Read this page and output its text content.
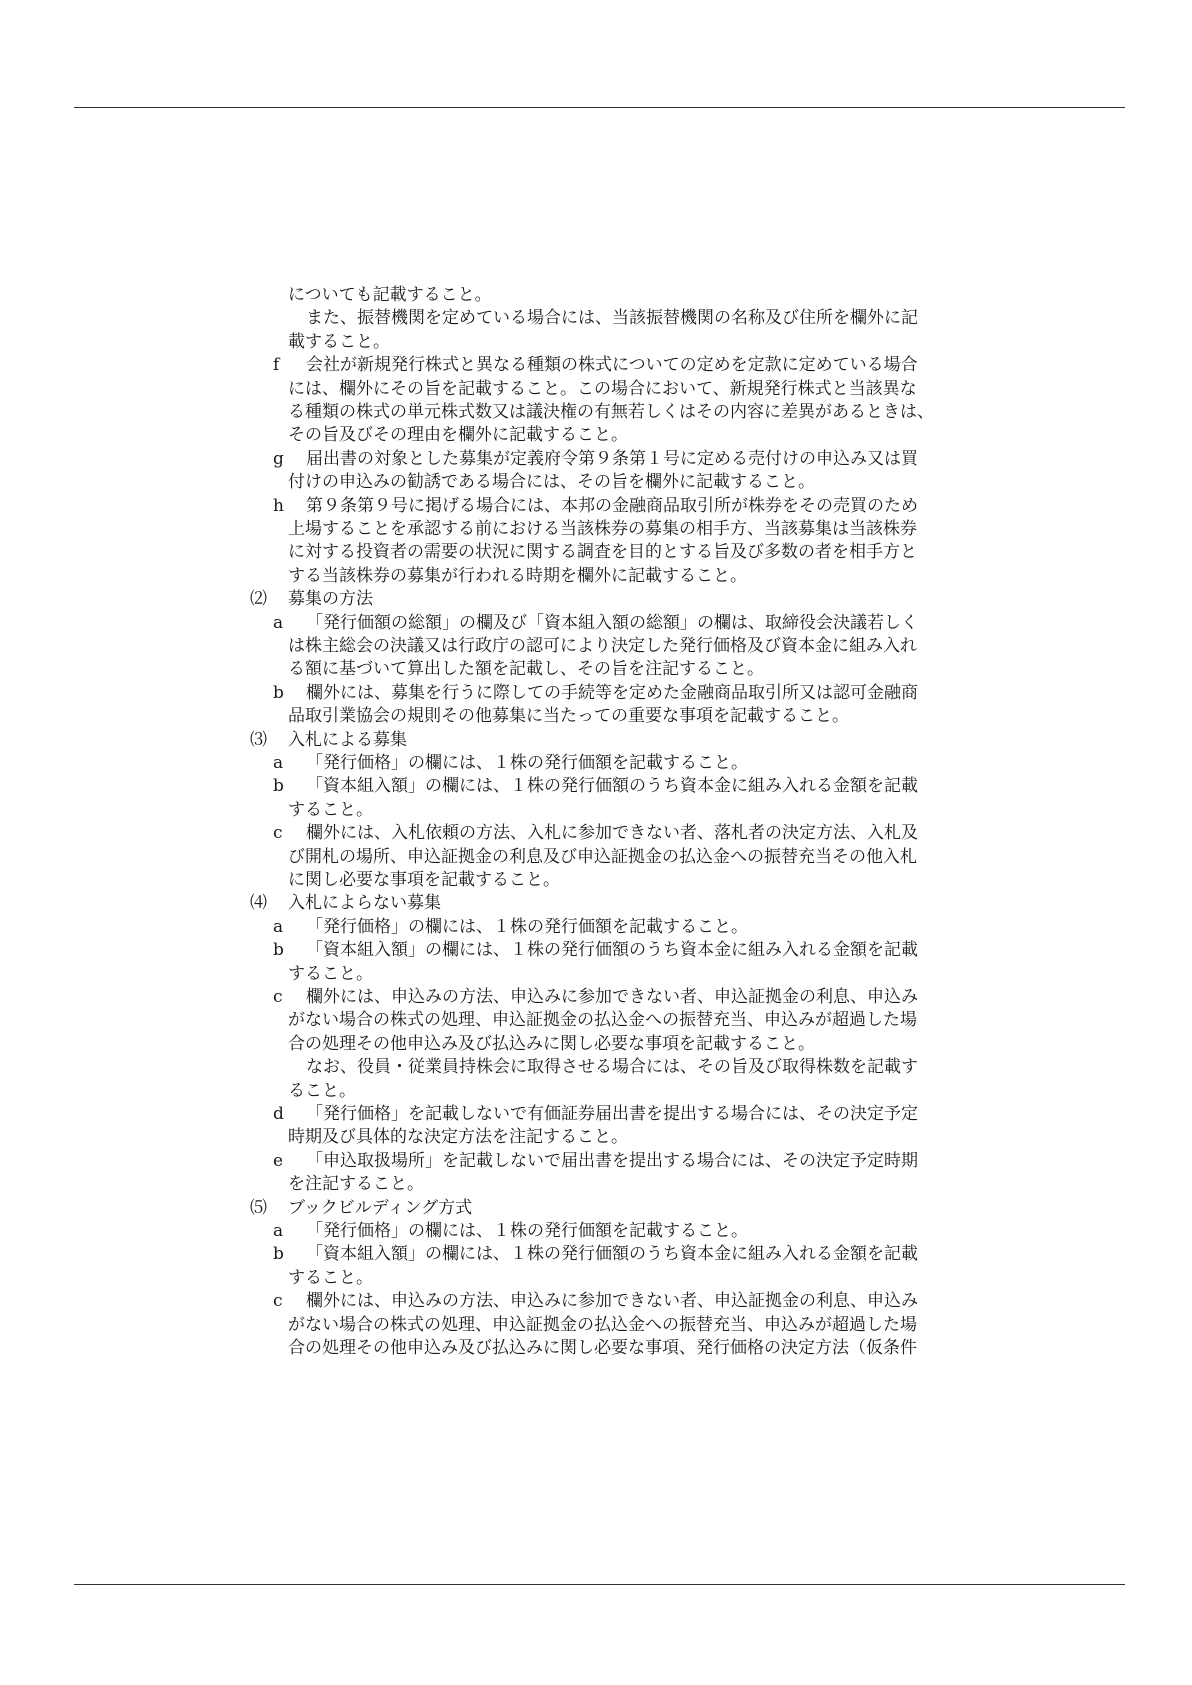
についても記載すること。
また、振替機関を定めている場合には、当該振替機関の名称及び住所を欄外に記
載すること。
f 会社が新規発行株式と異なる種類の株式についての定めを定款に定めている場合
には、欄外にその旨を記載すること。この場合において、新規発行株式と当該異な
る種類の株式の単元株式数又は議決権の有無若しくはその内容に差異があるときは、
その旨及びその理由を欄外に記載すること。
g 届出書の対象とした募集が定義府令第９条第１号に定める売付けの申込み又は買
付けの申込みの勧誘である場合には、その旨を欄外に記載すること。
h 第９条第９号に掲げる場合には、本邦の金融商品取引所が株券をその売買のため
上場することを承認する前における当該株券の募集の相手方、当該募集は当該株券
に対する投資者の需要の状況に関する調査を目的とする旨及び多数の者を相手方と
する当該株券の募集が行われる時期を欄外に記載すること。
⑵ 募集の方法
a 「発行価額の総額」の欄及び「資本組入額の総額」の欄は、取締役会決議若しく
は株主総会の決議又は行政庁の認可により決定した発行価格及び資本金に組み入れ
る額に基づいて算出した額を記載し、その旨を注記すること。
b 欄外には、募集を行うに際しての手続等を定めた金融商品取引所又は認可金融商
品取引業協会の規則その他募集に当たっての重要な事項を記載すること。
⑶ 入札による募集
a 「発行価格」の欄には、１株の発行価額を記載すること。
b 「資本組入額」の欄には、１株の発行価額のうち資本金に組み入れる金額を記載
すること。
c 欄外には、入札依頼の方法、入札に参加できない者、落札者の決定方法、入札及
び開札の場所、申込証拠金の利息及び申込証拠金の払込金への振替充当その他入札
に関し必要な事項を記載すること。
⑷ 入札によらない募集
a 「発行価格」の欄には、１株の発行価額を記載すること。
b 「資本組入額」の欄には、１株の発行価額のうち資本金に組み入れる金額を記載
すること。
c 欄外には、申込みの方法、申込みに参加できない者、申込証拠金の利息、申込み
がない場合の株式の処理、申込証拠金の払込金への振替充当、申込みが超過した場
合の処理その他申込み及び払込みに関し必要な事項を記載すること。
なお、役員・従業員持株会に取得させる場合には、その旨及び取得株数を記載す
ること。
d 「発行価格」を記載しないで有価証券届出書を提出する場合には、その決定予定
時期及び具体的な決定方法を注記すること。
e 「申込取扱場所」を記載しないで届出書を提出する場合には、その決定予定時期
を注記すること。
⑸ ブックビルディング方式
a 「発行価格」の欄には、１株の発行価額を記載すること。
b 「資本組入額」の欄には、１株の発行価額のうち資本金に組み入れる金額を記載
すること。
c 欄外には、申込みの方法、申込みに参加できない者、申込証拠金の利息、申込み
がない場合の株式の処理、申込証拠金の払込金への振替充当、申込みが超過した場
合の処理その他申込み及び払込みに関し必要な事項、発行価格の決定方法（仮条件
